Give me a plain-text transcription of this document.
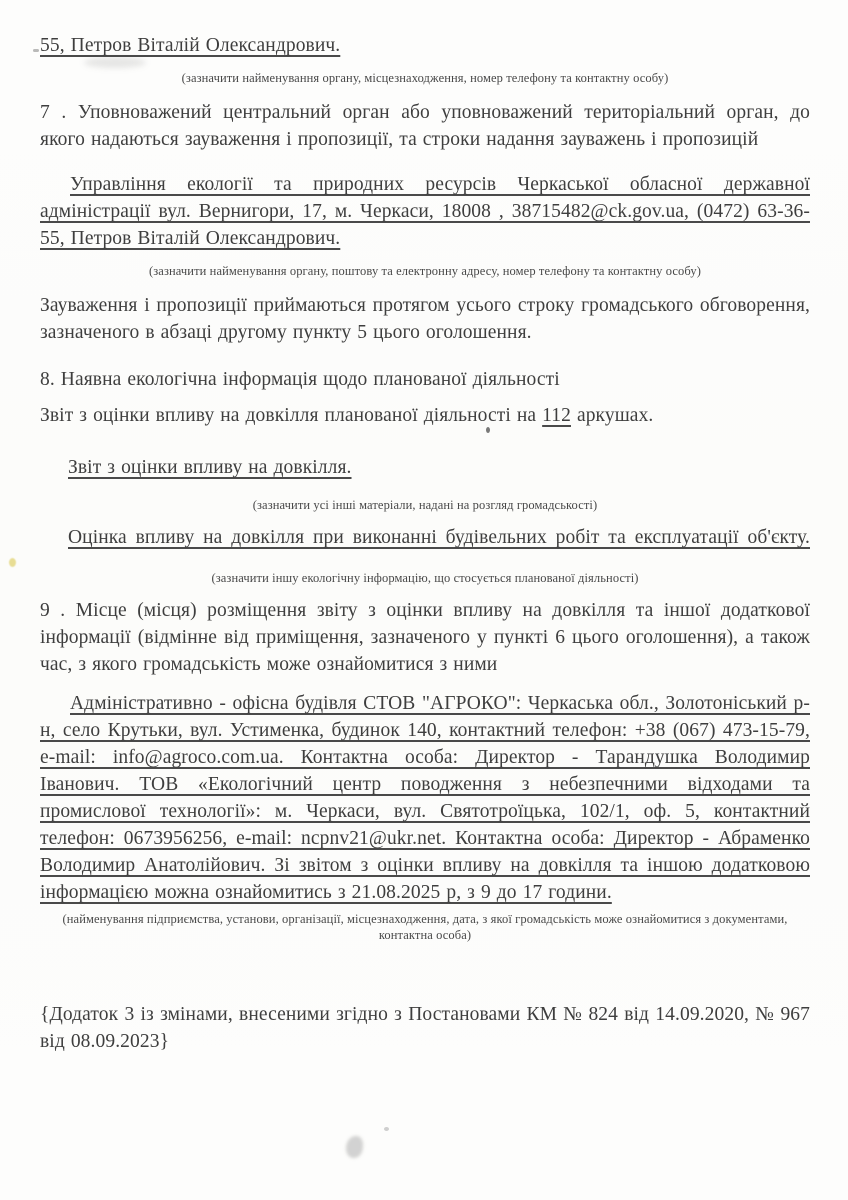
55, Петров Віталій Олександрович.

(зазначити найменування органу, місцезнаходження, номер телефону та контактну особу)

7 . Уповноважений центральний орган або уповноважений територіальний орган, до якого надаються зауваження і пропозиції, та строки надання зауважень і пропозицій

Управління екології та природних ресурсів Черкаської обласної державної адміністрації вул. Вернигори, 17, м. Черкаси, 18008 , 38715482@ck.gov.ua, (0472) 63-36-55, Петров Віталій Олександрович.

(зазначити найменування органу, поштову та електронну адресу, номер телефону та контактну особу)

Зауваження і пропозиції приймаються протягом усього строку громадського обговорення, зазначеного в абзаці другому пункту 5 цього оголошення.

8. Наявна екологічна інформація щодо планованої діяльності

Звіт з оцінки впливу на довкілля планованої діяльності на 112 аркушах.

Звіт з оцінки впливу на довкілля.

(зазначити усі інші матеріали, надані на розгляд громадськості)

Оцінка впливу на довкілля при виконанні будівельних робіт та експлуатації об'єкту.

(зазначити іншу екологічну інформацію, що стосується планованої діяльності)

9 . Місце (місця) розміщення звіту з оцінки впливу на довкілля та іншої додаткової інформації (відмінне від приміщення, зазначеного у пункті 6 цього оголошення), а також час, з якого громадськість може ознайомитися з ними

Адміністративно - офісна будівля СТОВ "АГРОКО": Черкаська обл., Золотоніський р-н, село Крутьки, вул. Устименка, будинок 140, контактний телефон: +38 (067) 473-15-79, e-mail: info@agroco.com.ua. Контактна особа: Директор - Тарандушка Володимир Іванович. ТОВ «Екологічний центр поводження з небезпечними відходами та промислової технології»: м. Черкаси, вул. Святотроїцька, 102/1, оф. 5, контактний телефон: 0673956256, e-mail: ncpnv21@ukr.net. Контактна особа: Директор - Абраменко Володимир Анатолійович. Зі звітом з оцінки впливу на довкілля та іншою додатковою інформацією можна ознайомитись з 21.08.2025 р, з 9 до 17 години.

(найменування підприємства, установи, організації, місцезнаходження, дата, з якої громадськість може ознайомитися з документами, контактна особа)

{Додаток 3 із змінами, внесеними згідно з Постановами КМ № 824 від 14.09.2020, № 967 від 08.09.2023}
